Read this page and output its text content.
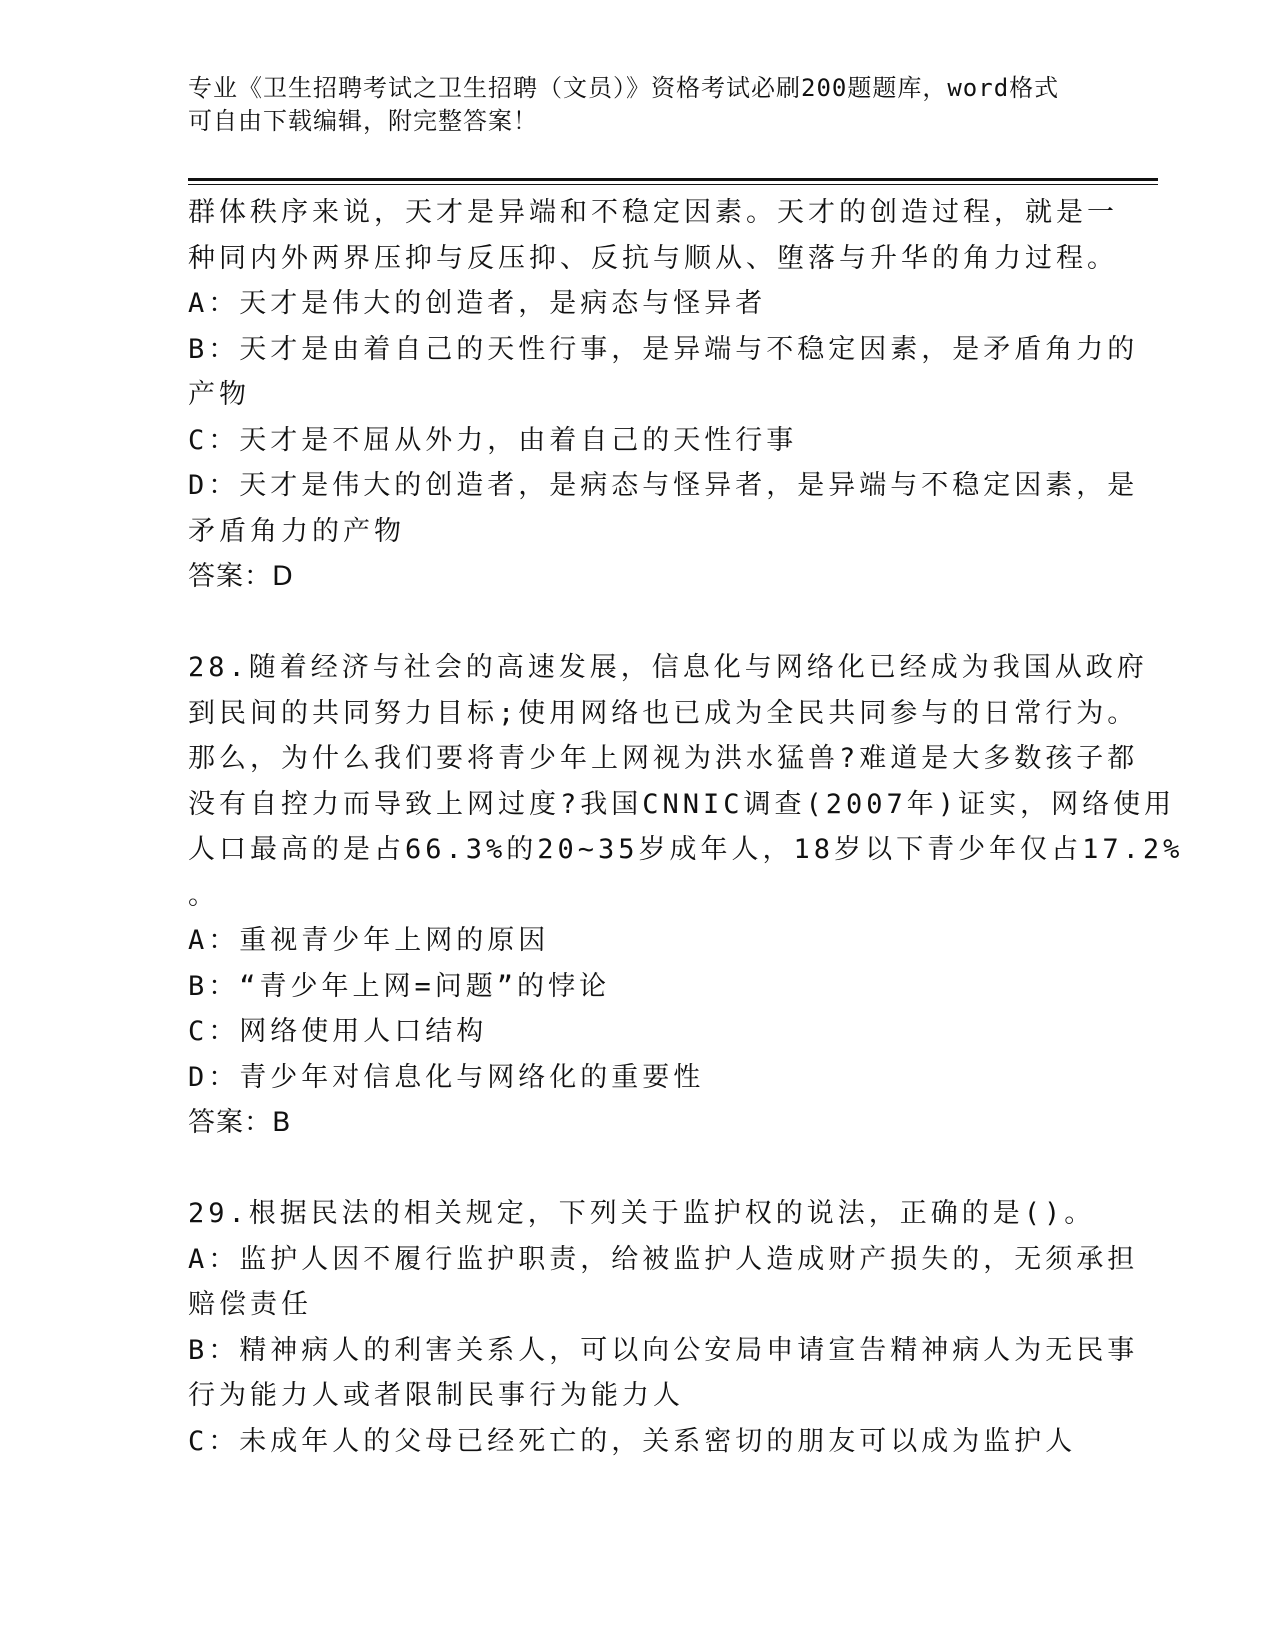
专业《卫生招聘考试之卫生招聘（文员）》资格考试必刷200题题库，word格式
可自由下载编辑，附完整答案！
群体秩序来说，天才是异端和不稳定因素。天才的创造过程，就是一
种同内外两界压抑与反压抑、反抗与顺从、堕落与升华的角力过程。
A：天才是伟大的创造者，是病态与怪异者
B：天才是由着自己的天性行事，是异端与不稳定因素，是矛盾角力的
产物
C：天才是不屈从外力，由着自己的天性行事
D：天才是伟大的创造者，是病态与怪异者，是异端与不稳定因素，是
矛盾角力的产物
答案：D
28.随着经济与社会的高速发展，信息化与网络化已经成为我国从政府
到民间的共同努力目标;使用网络也已成为全民共同参与的日常行为。
那么，为什么我们要将青少年上网视为洪水猛兽?难道是大多数孩子都
没有自控力而导致上网过度?我国CNNIC调查(2007年)证实，网络使用
人口最高的是占66.3%的20~35岁成年人，18岁以下青少年仅占17.2%
。
A：重视青少年上网的原因
B：“青少年上网=问题”的悖论
C：网络使用人口结构
D：青少年对信息化与网络化的重要性
答案：B
29.根据民法的相关规定，下列关于监护权的说法，正确的是()。
A：监护人因不履行监护职责，给被监护人造成财产损失的，无须承担
赔偿责任
B：精神病人的利害关系人，可以向公安局申请宣告精神病人为无民事
行为能力人或者限制民事行为能力人
C：未成年人的父母已经死亡的，关系密切的朋友可以成为监护人
